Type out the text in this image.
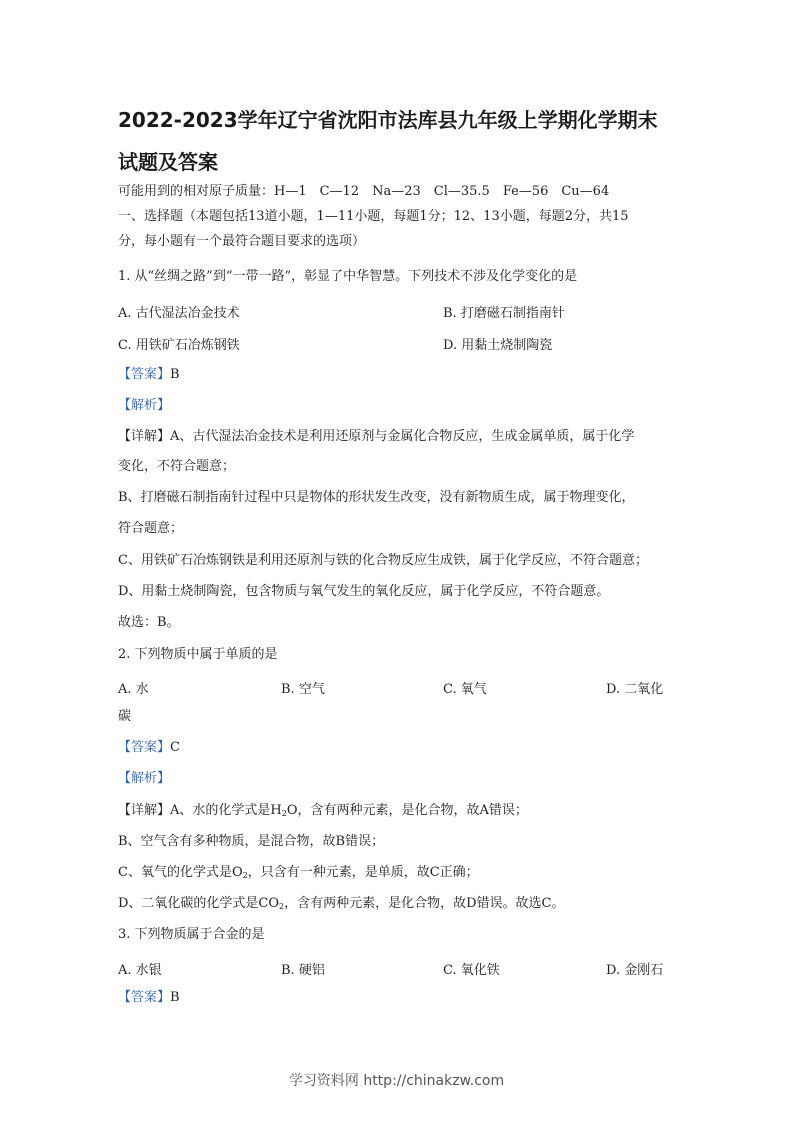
2022-2023学年辽宁省沈阳市法库县九年级上学期化学期末
试题及答案
可能用到的相对原子质量：H—1　C—12　Na—23　Cl—35.5　Fe—56　Cu—64
一、选择题（本题包括13道小题，1—11小题，每题1分；12、13小题，每题2分，共15
分，每小题有一个最符合题目要求的选项）
1. 从“丝绸之路”到“一带一路”，彰显了中华智慧。下列技术不涉及化学变化的是
A. 古代湿法冶金技术	B. 打磨磁石制指南针
C. 用铁矿石冶炼钢铁	D. 用黏土烧制陶瓷
【答案】B
【解析】
【详解】A、古代湿法冶金技术是利用还原剂与金属化合物反应，生成金属单质，属于化学
变化，不符合题意；
B、打磨磁石制指南针过程中只是物体的形状发生改变，没有新物质生成，属于物理变化，
符合题意；
C、用铁矿石冶炼钢铁是利用还原剂与铁的化合物反应生成铁，属于化学反应，不符合题意；
D、用黏土烧制陶瓷，包含物质与氧气发生的氧化反应，属于化学反应，不符合题意。
故选：B。
2. 下列物质中属于单质的是
A. 水	B. 空气	C. 氧气	D. 二氧化
碳
【答案】C
【解析】
【详解】A、水的化学式是$H_2O$，含有两种元素，是化合物，故A错误；
B、空气含有多种物质，是混合物，故B错误；
C、氧气的化学式是$O_2$，只含有一种元素，是单质，故C正确；
D、二氧化碳的化学式是$CO_2$，含有两种元素，是化合物，故D错误。故选C。
3. 下列物质属于合金的是
A. 水银	B. 硬铝	C. 氧化铁	D. 金刚石
【答案】B
学习资料网 http://chinakzw.com
